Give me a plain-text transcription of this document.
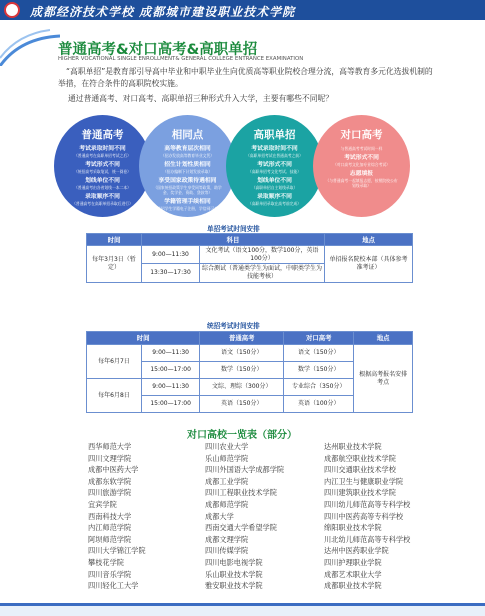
成都经济技术学校 成都城市建设职业技术学院
普通高考&对口高考&高职单招
HIGHER VOCATIONAL SINGLE ENROLLMENT& GENERAL COLLEGE ENTRANCE EXAMINATION
“高职单招”是教育部引导高中毕业和中职毕业生向优质高等职业院校合理分流，高等教育多元化选拔机制的举措，在符合条件的高职院校实施。
通过普通高考、对口高考、高职单招三种形式升入大学，主要有哪些不同呢？
普通高考
考试录取时间不同
（普通高考在高职单招考试之后）
考试形式不同
（统招高考采取笔试，统一阅卷）
划线单位不同
（普通高考由各省划线一本二本）
录取顺序不同
（普通高考在高职单招录取后进行）
相同点
高等教育层次相同
（招办发放高等教育毕业文凭）
招生计划性质相同
（招办编制下计划发放录取）
享受国家政策待遇相同
（国家统招政策学生享受同等政策，助学金、奖学金、资助、贷款等）
学籍管理手续相同
（统招学生学籍电子注册，学信网可查）
高职单招
考试录取时间不同
（高职单招考试在普通高考之前）
考试形式不同
（高职单招考文化考试、技能）
划线单位不同
（高职单招自主划线录取）
录取顺序不同
（高职单招录取在高考前完成）
对口高考
与普通高考考试时间一样
考试形式不同
（对口高考文化加专业综合考试）
志愿填报
（与普通高考一起填报志愿，按照院校公布划线录取）
单招考试时间安排
时间	科目		地点
每年3月3日（暂定）	9:00—11:30	文化考试（语文100分，数学100分，英语100分）	单招报名院校本部（具体参考准考证）
	13:30—17:30	综合测试（普通类学生为面试，中职类学生为技能考核）	
统招考试时间安排
时间		普通高考	对口高考	地点
每年6月7日	9:00—11:30	语文（150分）	语文（150分）	根据高考报名安排考点
	15:00—17:00	数学（150分）	数学（150分）	
每年6月8日	9:00—11:30	文综、理综（300分）	专业综合（350分）	
	15:00—17:00	英语（150分）	英语（100分）	
对口高校一览表（部分）
西华师范大学
四川文理学院
成都中医药大学
成都东软学院
四川旅游学院
宜宾学院
西南科技大学
内江师范学院
阿坝师范学院
四川大学锦江学院
攀枝花学院
四川音乐学院
四川轻化工大学
四川农业大学
乐山师范学院
四川外国语大学成都学院
成都工业学院
四川工程职业技术学院
成都师范学院
成都大学
西南交通大学希望学院
成都文理学院
四川传媒学院
四川电影电视学院
乐山职业技术学院
雅安职业技术学院
达州职业技术学院
成都航空职业技术学院
四川交通职业技术学校
内江卫生与健康职业学院
四川建筑职业技术学院
四川幼儿师范高等专科学校
四川中医药高等专科学校
绵阳职业技术学院
川北幼儿师范高等专科学校
达州中医药职业学院
四川护理职业学院
成都艺术职业大学
成都职业技术学院
